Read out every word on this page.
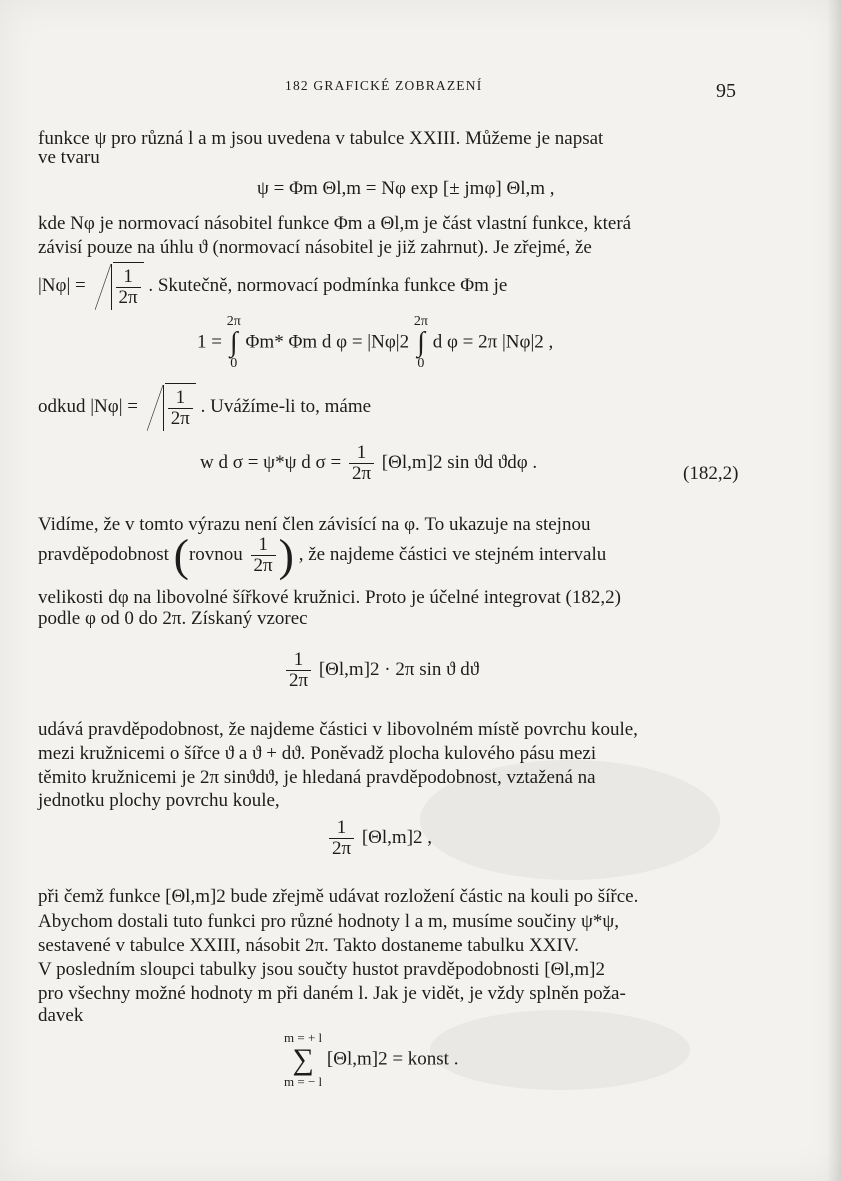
182 GRAFICKÉ ZOBRAZENÍ	95
funkce ψ pro různá l a m jsou uvedena v tabulce XXIII. Můžeme je napsat
ve tvaru
ψ = Φm Θl,m = Nφ exp [± jmφ] Θl,m ,
kde Nφ je normovací násobitel funkce Φm a Θl,m je část vlastní funkce, která
závisí pouze na úhlu ϑ (normovací násobitel je již zahrnut). Je zřejmé, že
$|N\varphi| = \frac{1}{2\pi}$ . Skutečně, normovací podmínka funkce Φm je
1 = 2π
∫
0 Φm* Φm d φ = |Nφ|2 2π
∫
0 d φ = 2π |Nφ|2 ,
odkud $|N\varphi| = \frac{1}{2\pi}$ . Uvážíme-li to, máme
w d σ = ψ*ψ d $\sigma = \frac{1}{2\pi} [\Theta l,m]2$ sin ϑd ϑdφ .
(182,2)
Vidíme, že v tomto výrazu není člen závisící na φ. To ukazuje na stejnou
pravděpodobnost (rovnou $\frac{1}{2\pi}$ ) , že najdeme částici ve stejném intervalu
velikosti dφ na libovolné šířkové kružnici. Proto je účelné integrovat (182,2)
podle φ od 0 do 2π. Získaný vzorec
$\frac{1}{2\pi} [\Theta l,m]2 \cdot 2\pi$ sin ϑ dϑ
udává pravděpodobnost, že najdeme částici v libovolném místě povrchu koule,
mezi kružnicemi o šířce ϑ a ϑ + dϑ. Poněvadž plocha kulového pásu mezi
těmito kružnicemi je 2π sinϑdϑ, je hledaná pravděpodobnost, vztažená na
jednotku plochy povrchu koule,
$\frac{1}{2\pi} [\Theta l,m]2$ ,
při čemž funkce [Θl,m]2 bude zřejmě udávat rozložení částic na kouli po šířce.
Abychom dostali tuto funkci pro různé hodnoty l a m, musíme součiny ψ*ψ,
sestavené v tabulce XXIII, násobit 2π. Takto dostaneme tabulku XXIV.
V posledním sloupci tabulky jsou součty hustot pravděpodobnosti [Θl,m]2
pro všechny možné hodnoty m při daném l. Jak je vidět, je vždy splněn poža-
davek
m = + l
∑
m = − l [Θl,m]2 = konst .
